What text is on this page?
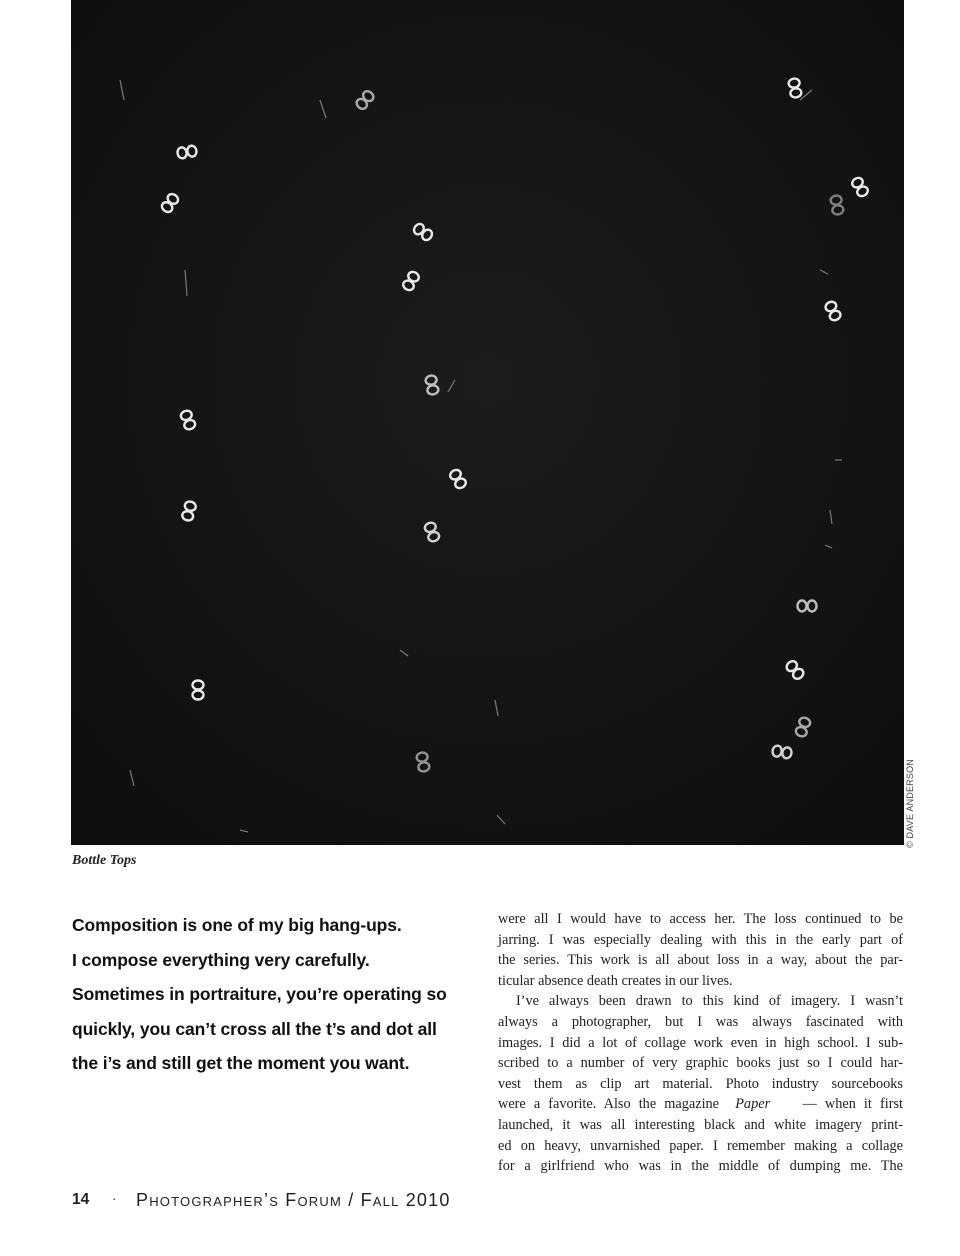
© DAVE ANDERSON
Bottle Tops
Composition is one of my big hang-ups.
I compose everything very carefully.
Sometimes in portraiture, you’re operating so
quickly, you can’t cross all the t’s and dot all
the i’s and still get the moment you want.
were all I would have to access her. The loss continued to be
jarring. I was especially dealing with this in the early part of
the series. This work is all about loss in a way, about the par-
ticular absence death creates in our lives.
I’ve always been drawn to this kind of imagery. I wasn’t
always a photographer, but I was always fascinated with
images. I did a lot of collage work even in high school. I sub-
scribed to a number of very graphic books just so I could har-
vest them as clip art material. Photo industry sourcebooks
were a favorite. Also the magazine Paper — when it first
launched, it was all interesting black and white imagery print-
ed on heavy, unvarnished paper. I remember making a collage
for a girlfriend who was in the middle of dumping me. The
14 · Photographer’s Forum / Fall 2010
